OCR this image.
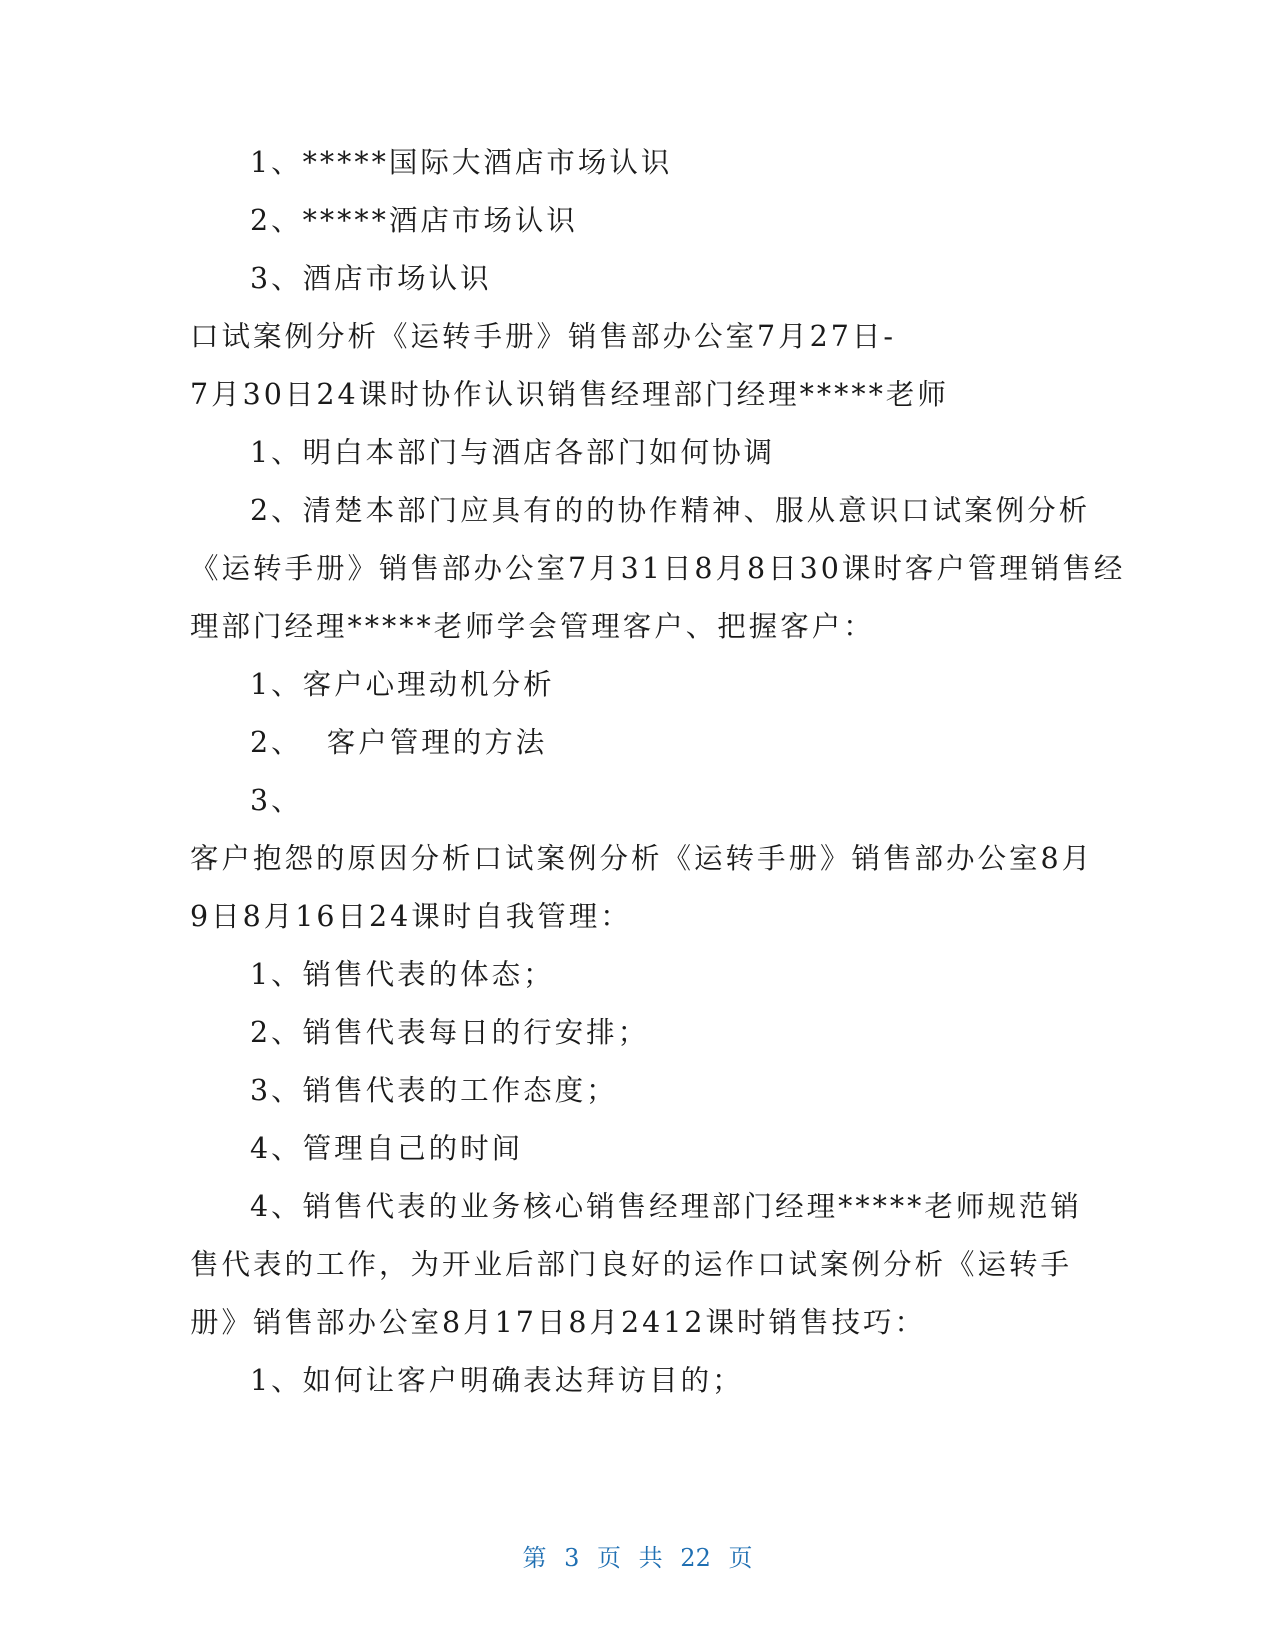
1、*****国际大酒店市场认识
2、*****酒店市场认识
3、酒店市场认识
口试案例分析《运转手册》销售部办公室7月27日-
7月30日24课时协作认识销售经理部门经理*****老师
1、明白本部门与酒店各部门如何协调
2、清楚本部门应具有的的协作精神、服从意识口试案例分析
《运转手册》销售部办公室7月31日8月8日30课时客户管理销售经
理部门经理*****老师学会管理客户、把握客户：
1、客户心理动机分析
2、  客户管理的方法
3、
客户抱怨的原因分析口试案例分析《运转手册》销售部办公室8月
9日8月16日24课时自我管理：
1、销售代表的体态；
2、销售代表每日的行安排；
3、销售代表的工作态度；
4、管理自己的时间
4、销售代表的业务核心销售经理部门经理*****老师规范销
售代表的工作，为开业后部门良好的运作口试案例分析《运转手
册》销售部办公室8月17日8月2412课时销售技巧：
1、如何让客户明确表达拜访目的；
第 3 页 共 22 页
